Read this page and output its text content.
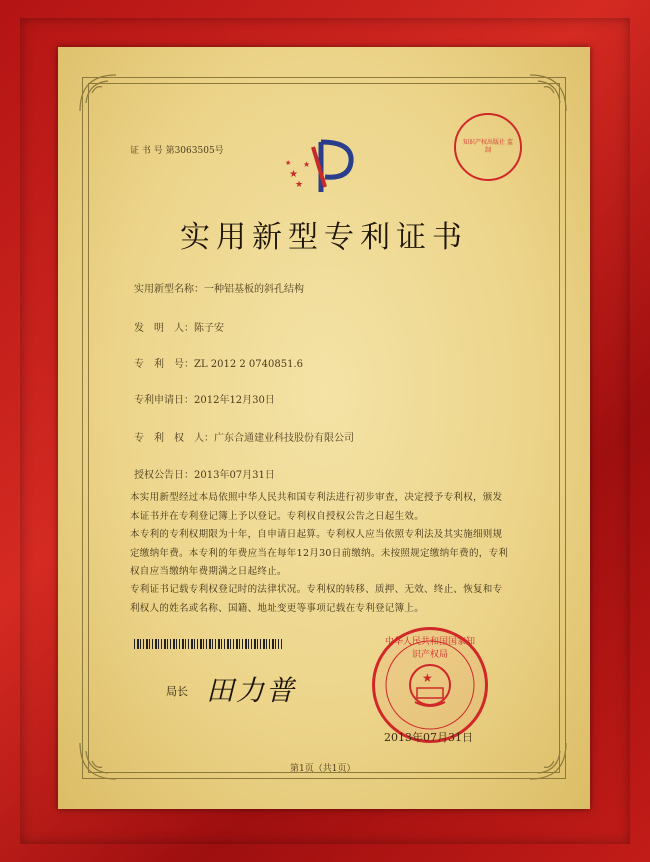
证 书 号 第3063505号
知识产权出版社 监制
★
★
★
★
实用新型专利证书
实用新型名称：一种铝基板的斜孔结构
发　明　人：陈子安
专　利　号：ZL 2012 2 0740851.6
专利申请日：2012年12月30日
专　利　权　人：广东合通建业科技股份有限公司
授权公告日：2013年07月31日
本实用新型经过本局依照中华人民共和国专利法进行初步审查，决定授予专利权，颁发本证书并在专利登记簿上予以登记。专利权自授权公告之日起生效。
本专利的专利权期限为十年，自申请日起算。专利权人应当依照专利法及其实施细则规定缴纳年费。本专利的年费应当在每年12月30日前缴纳。未按照规定缴纳年费的，专利权自应当缴纳年费期满之日起终止。
专利证书记载专利权登记时的法律状况。专利权的转移、质押、无效、终止、恢复和专利权人的姓名或名称、国籍、地址变更等事项记载在专利登记簿上。
局长 田力普	★
中华人民共和国国家知识产权局
2013年07月31日
第1页（共1页）
